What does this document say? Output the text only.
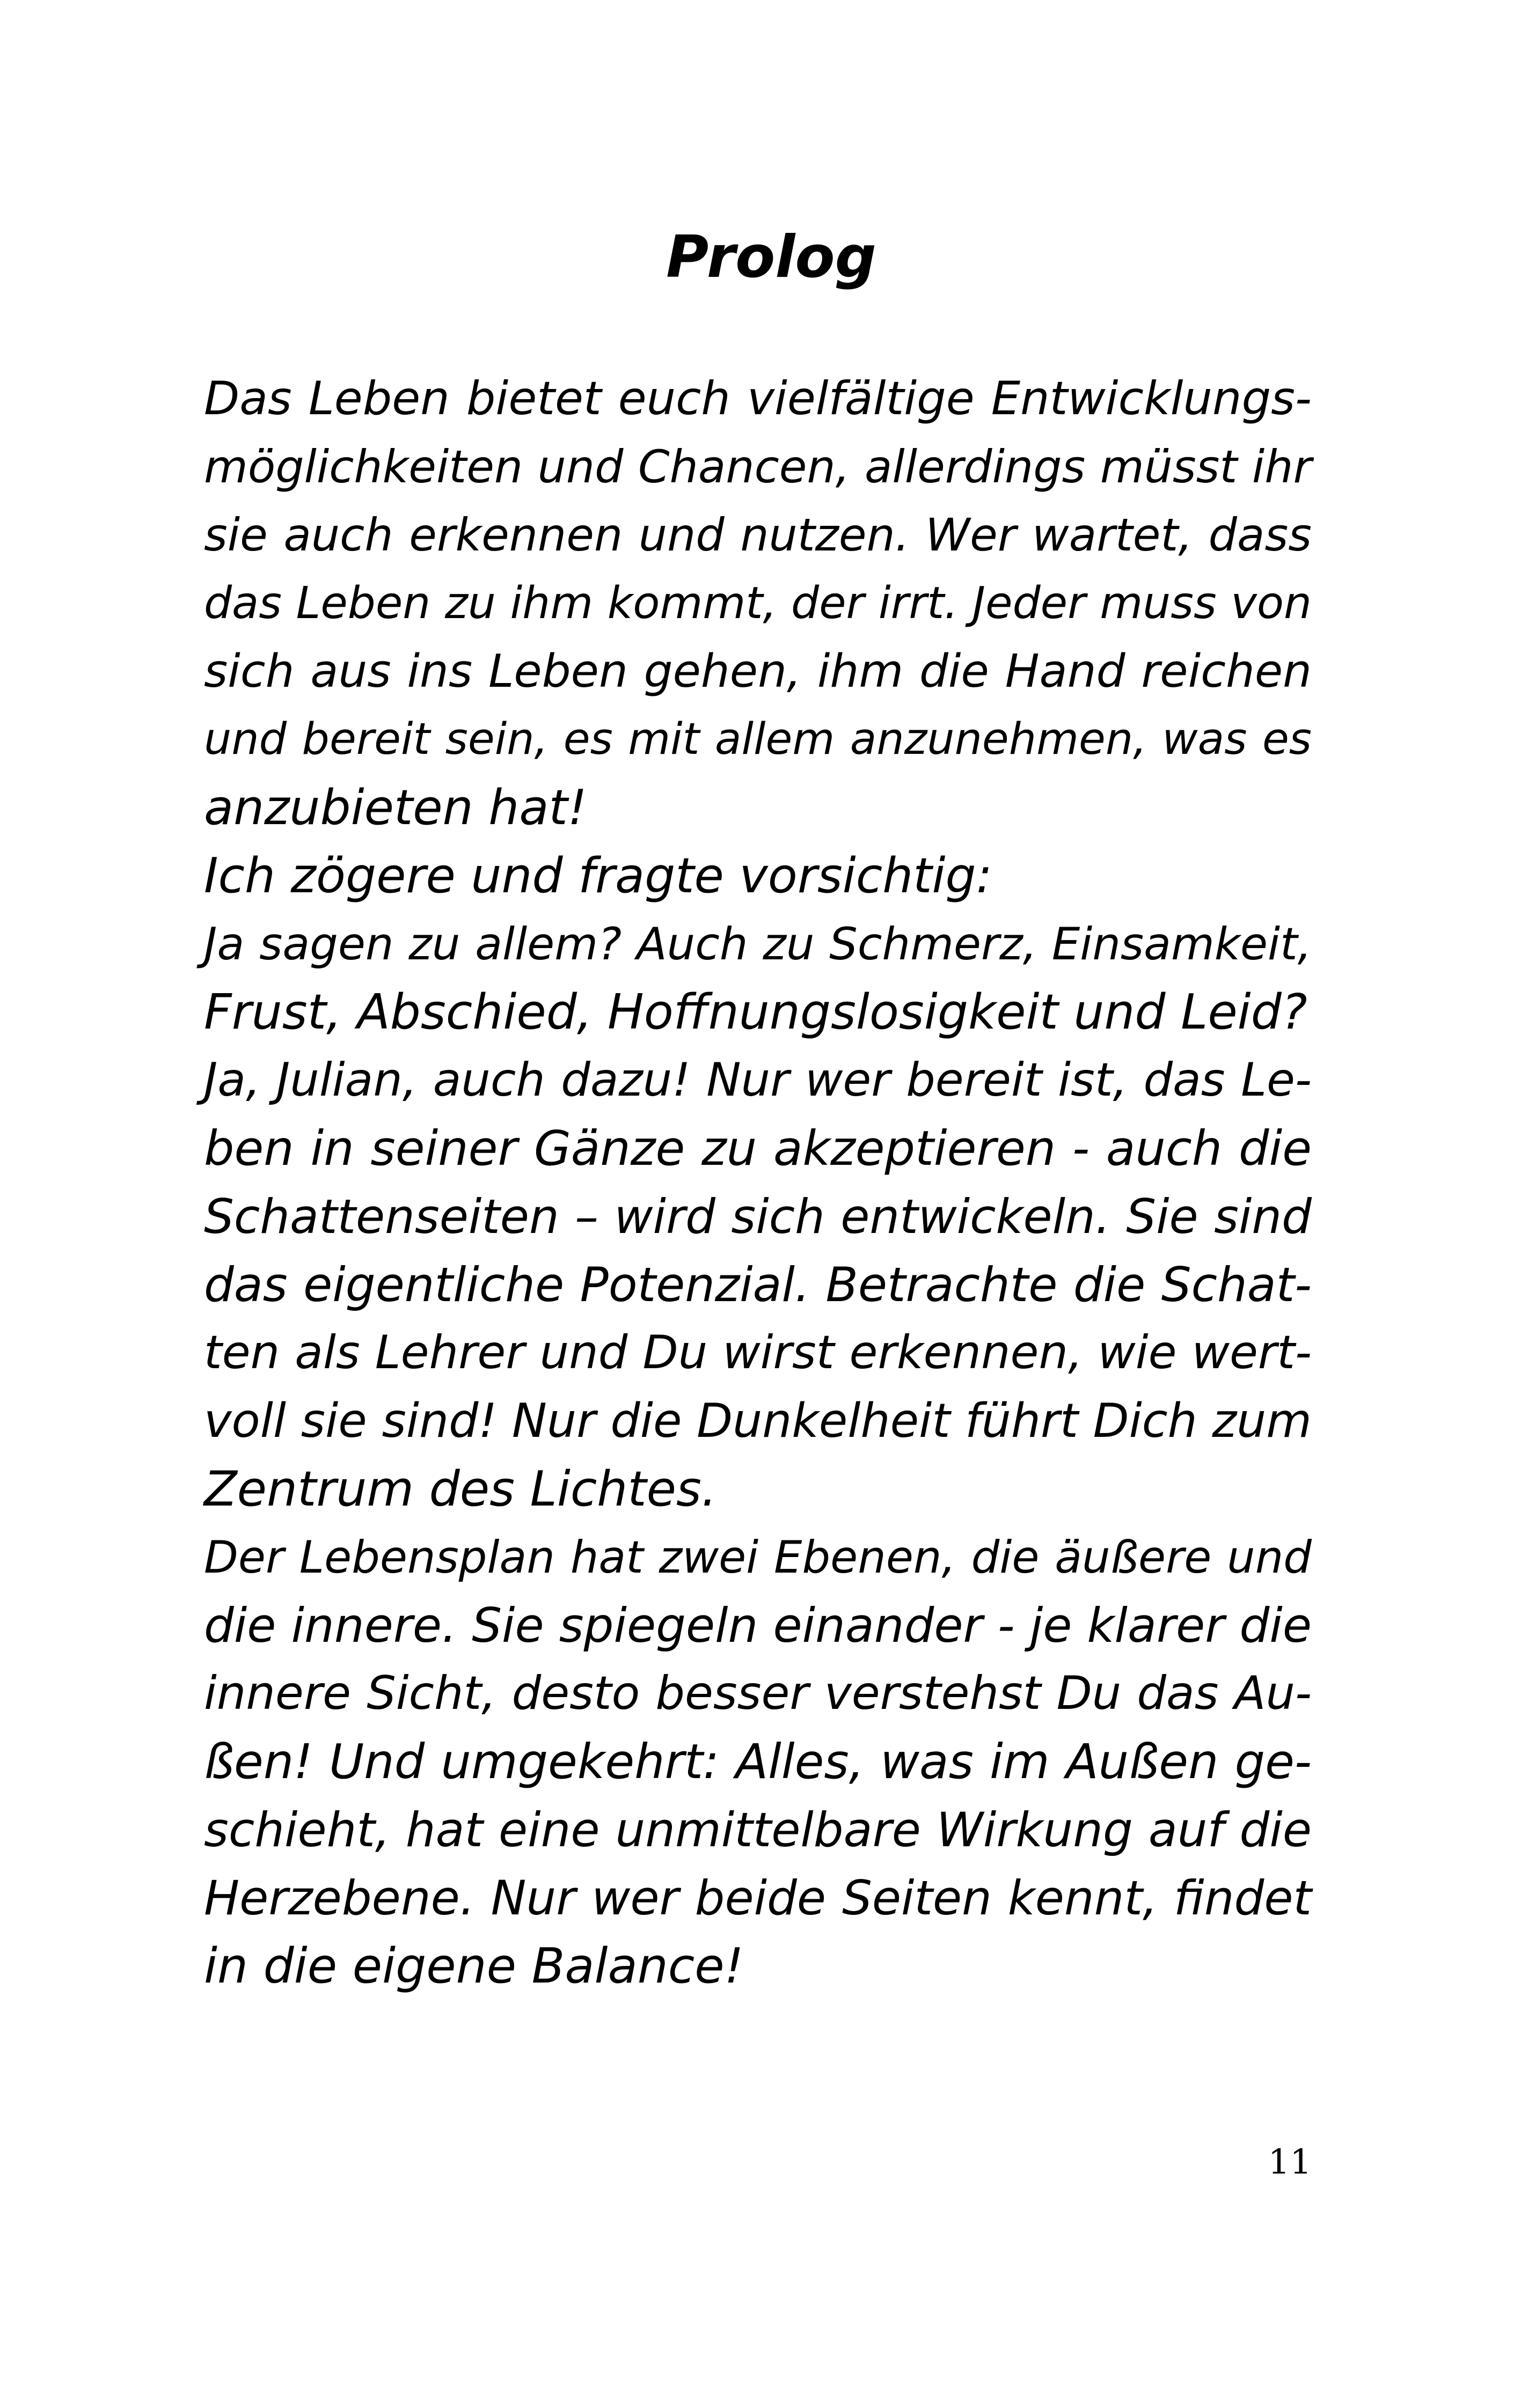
Prolog
Das Leben bietet euch vielfältige Entwicklungs-
möglichkeiten und Chancen, allerdings müsst ihr
sie auch erkennen und nutzen. Wer wartet, dass
das Leben zu ihm kommt, der irrt. Jeder muss von
sich aus ins Leben gehen, ihm die Hand reichen
und bereit sein, es mit allem anzunehmen, was es
anzubieten hat!
Ich zögere und fragte vorsichtig:
Ja sagen zu allem? Auch zu Schmerz, Einsamkeit,
Frust, Abschied, Hoffnungslosigkeit und Leid?
Ja, Julian, auch dazu! Nur wer bereit ist, das Le-
ben in seiner Gänze zu akzeptieren - auch die
Schattenseiten – wird sich entwickeln. Sie sind
das eigentliche Potenzial. Betrachte die Schat-
ten als Lehrer und Du wirst erkennen, wie wert-
voll sie sind! Nur die Dunkelheit führt Dich zum
Zentrum des Lichtes.
Der Lebensplan hat zwei Ebenen, die äußere und
die innere. Sie spiegeln einander - je klarer die
innere Sicht, desto besser verstehst Du das Au-
ßen! Und umgekehrt: Alles, was im Außen ge-
schieht, hat eine unmittelbare Wirkung auf die
Herzebene. Nur wer beide Seiten kennt, findet
in die eigene Balance!
11
